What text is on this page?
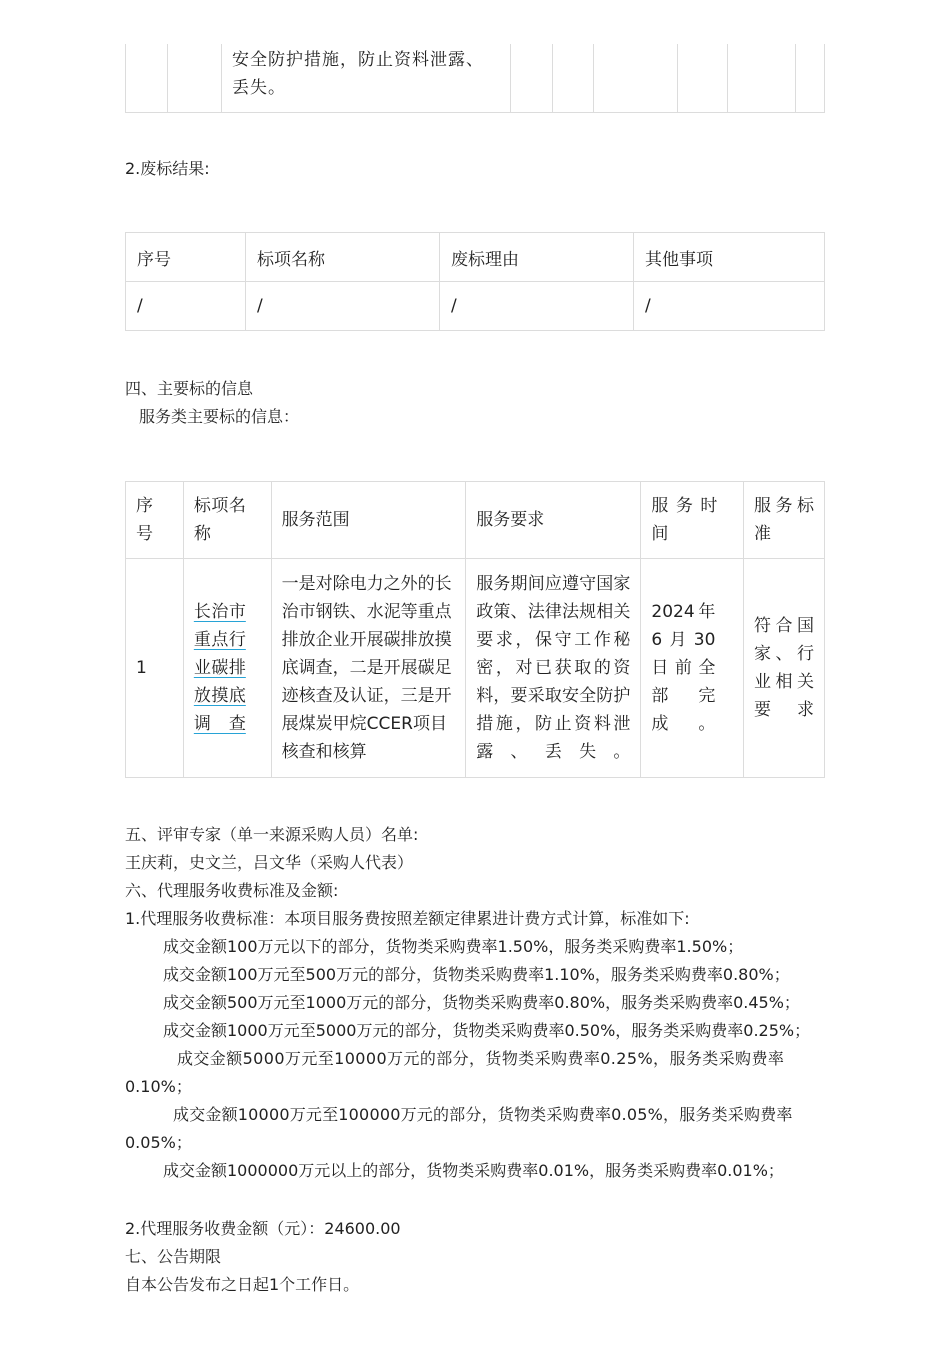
		安全防护措施，防止资料泄露、丢失。						
2.废标结果:
序号	标项名称	废标理由	其他事项
/	/	/	/
四、主要标的信息
服务类主要标的信息：
序号	标项名称	服务范围	服务要求	服务时间	服务标准

1	长治市重点行业碳排放摸底调查	一是对除电力之外的长治市钢铁、水泥等重点排放企业开展碳排放摸底调查，二是开展碳足迹核查及认证，三是开展煤炭甲烷CCER项目核查和核算	服务期间应遵守国家政策、法律法规相关要求，保守工作秘密，对已获取的资料，要采取安全防护措施，防止资料泄露、丢失。	2024年6月30日前全部完成。	符合国家、行业相关要求
五、评审专家（单一来源采购人员）名单:
王庆莉，史文兰，吕文华（采购人代表）
六、代理服务收费标准及金额:
1.代理服务收费标准：本项目服务费按照差额定律累进计费方式计算，标准如下:
成交金额100万元以下的部分，货物类采购费率1.50%，服务类采购费率1.50%；
成交金额100万元至500万元的部分，货物类采购费率1.10%，服务类采购费率0.80%；
成交金额500万元至1000万元的部分，货物类采购费率0.80%，服务类采购费率0.45%；
成交金额1000万元至5000万元的部分，货物类采购费率0.50%，服务类采购费率0.25%；
成交金额5000万元至10000万元的部分，货物类采购费率0.25%，服务类采购费率
0.10%；
成交金额10000万元至100000万元的部分，货物类采购费率0.05%，服务类采购费率
0.05%；
成交金额1000000万元以上的部分，货物类采购费率0.01%，服务类采购费率0.01%；
2.代理服务收费金额（元）：24600.00
七、公告期限
自本公告发布之日起1个工作日。
